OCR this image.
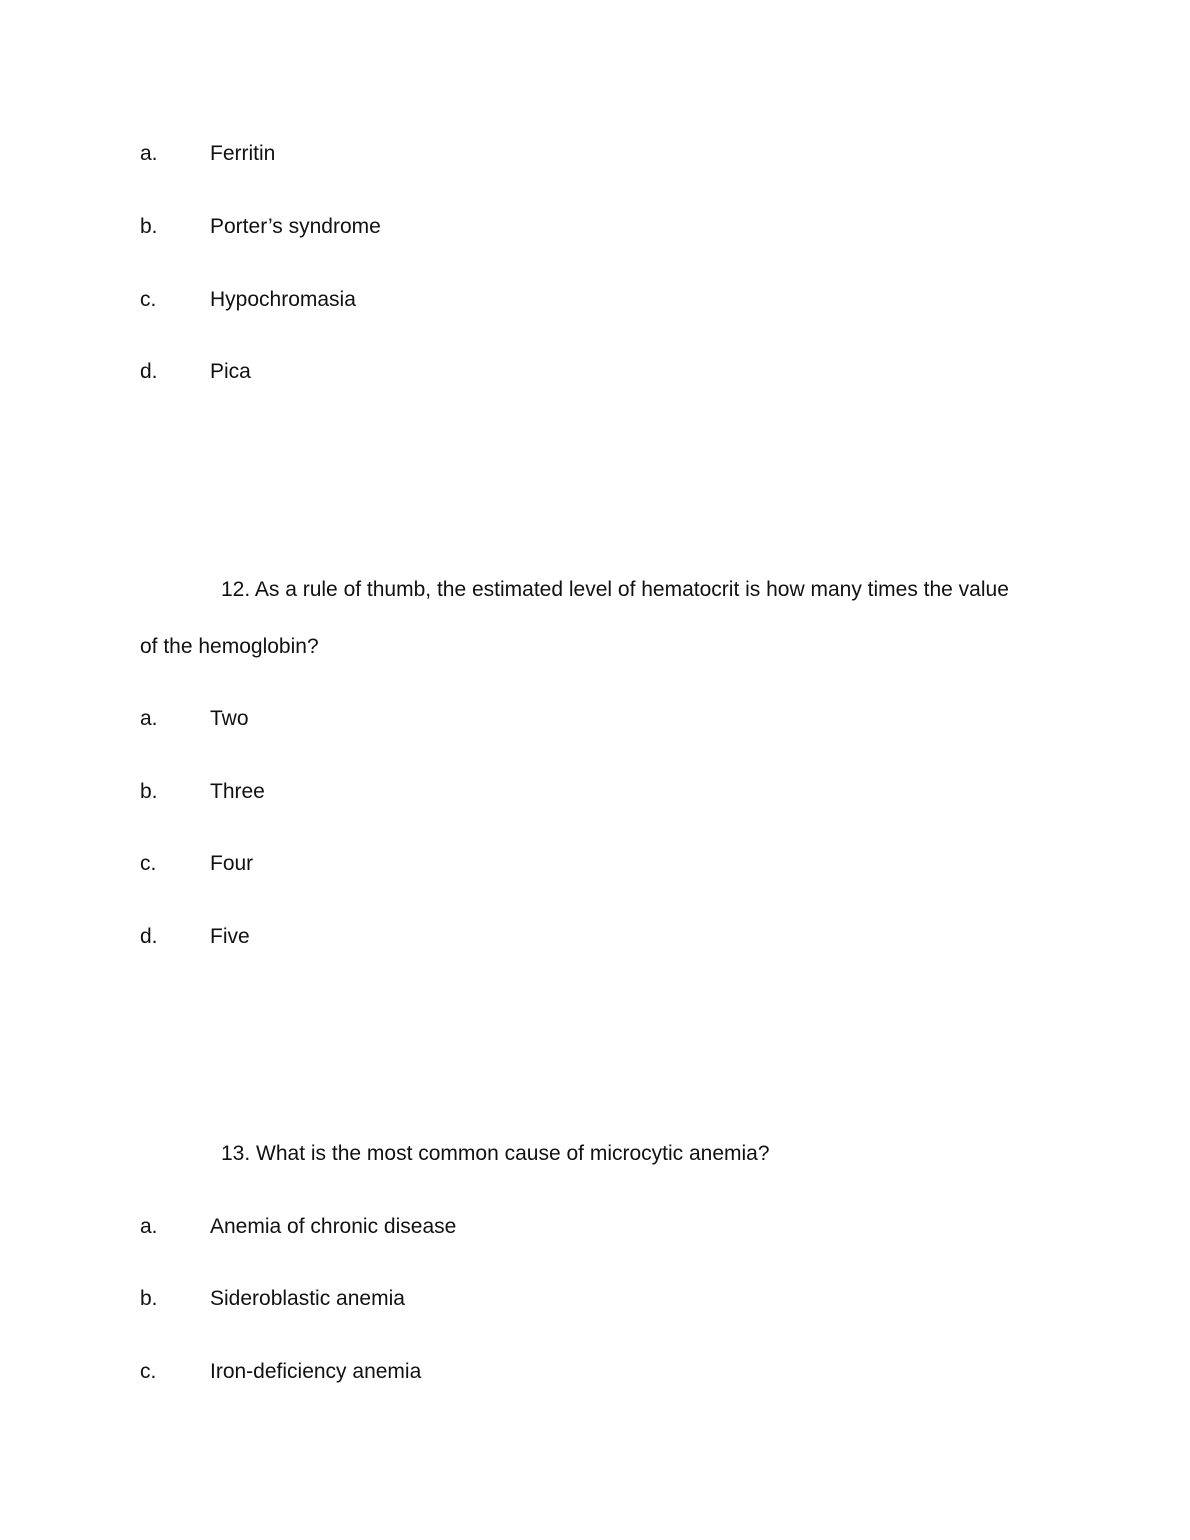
a. Ferritin
b. Porter’s syndrome
c.	Hypochromasia
d. Pica
12. As a rule of thumb, the estimated level of hematocrit is how many times the value
of the hemoglobin?
a. Two
b. Three
c.	Four
d. Five
13. What is the most common cause of microcytic anemia?
a. Anemia of chronic disease
b. Sideroblastic anemia
c.	Iron-deficiency anemia
